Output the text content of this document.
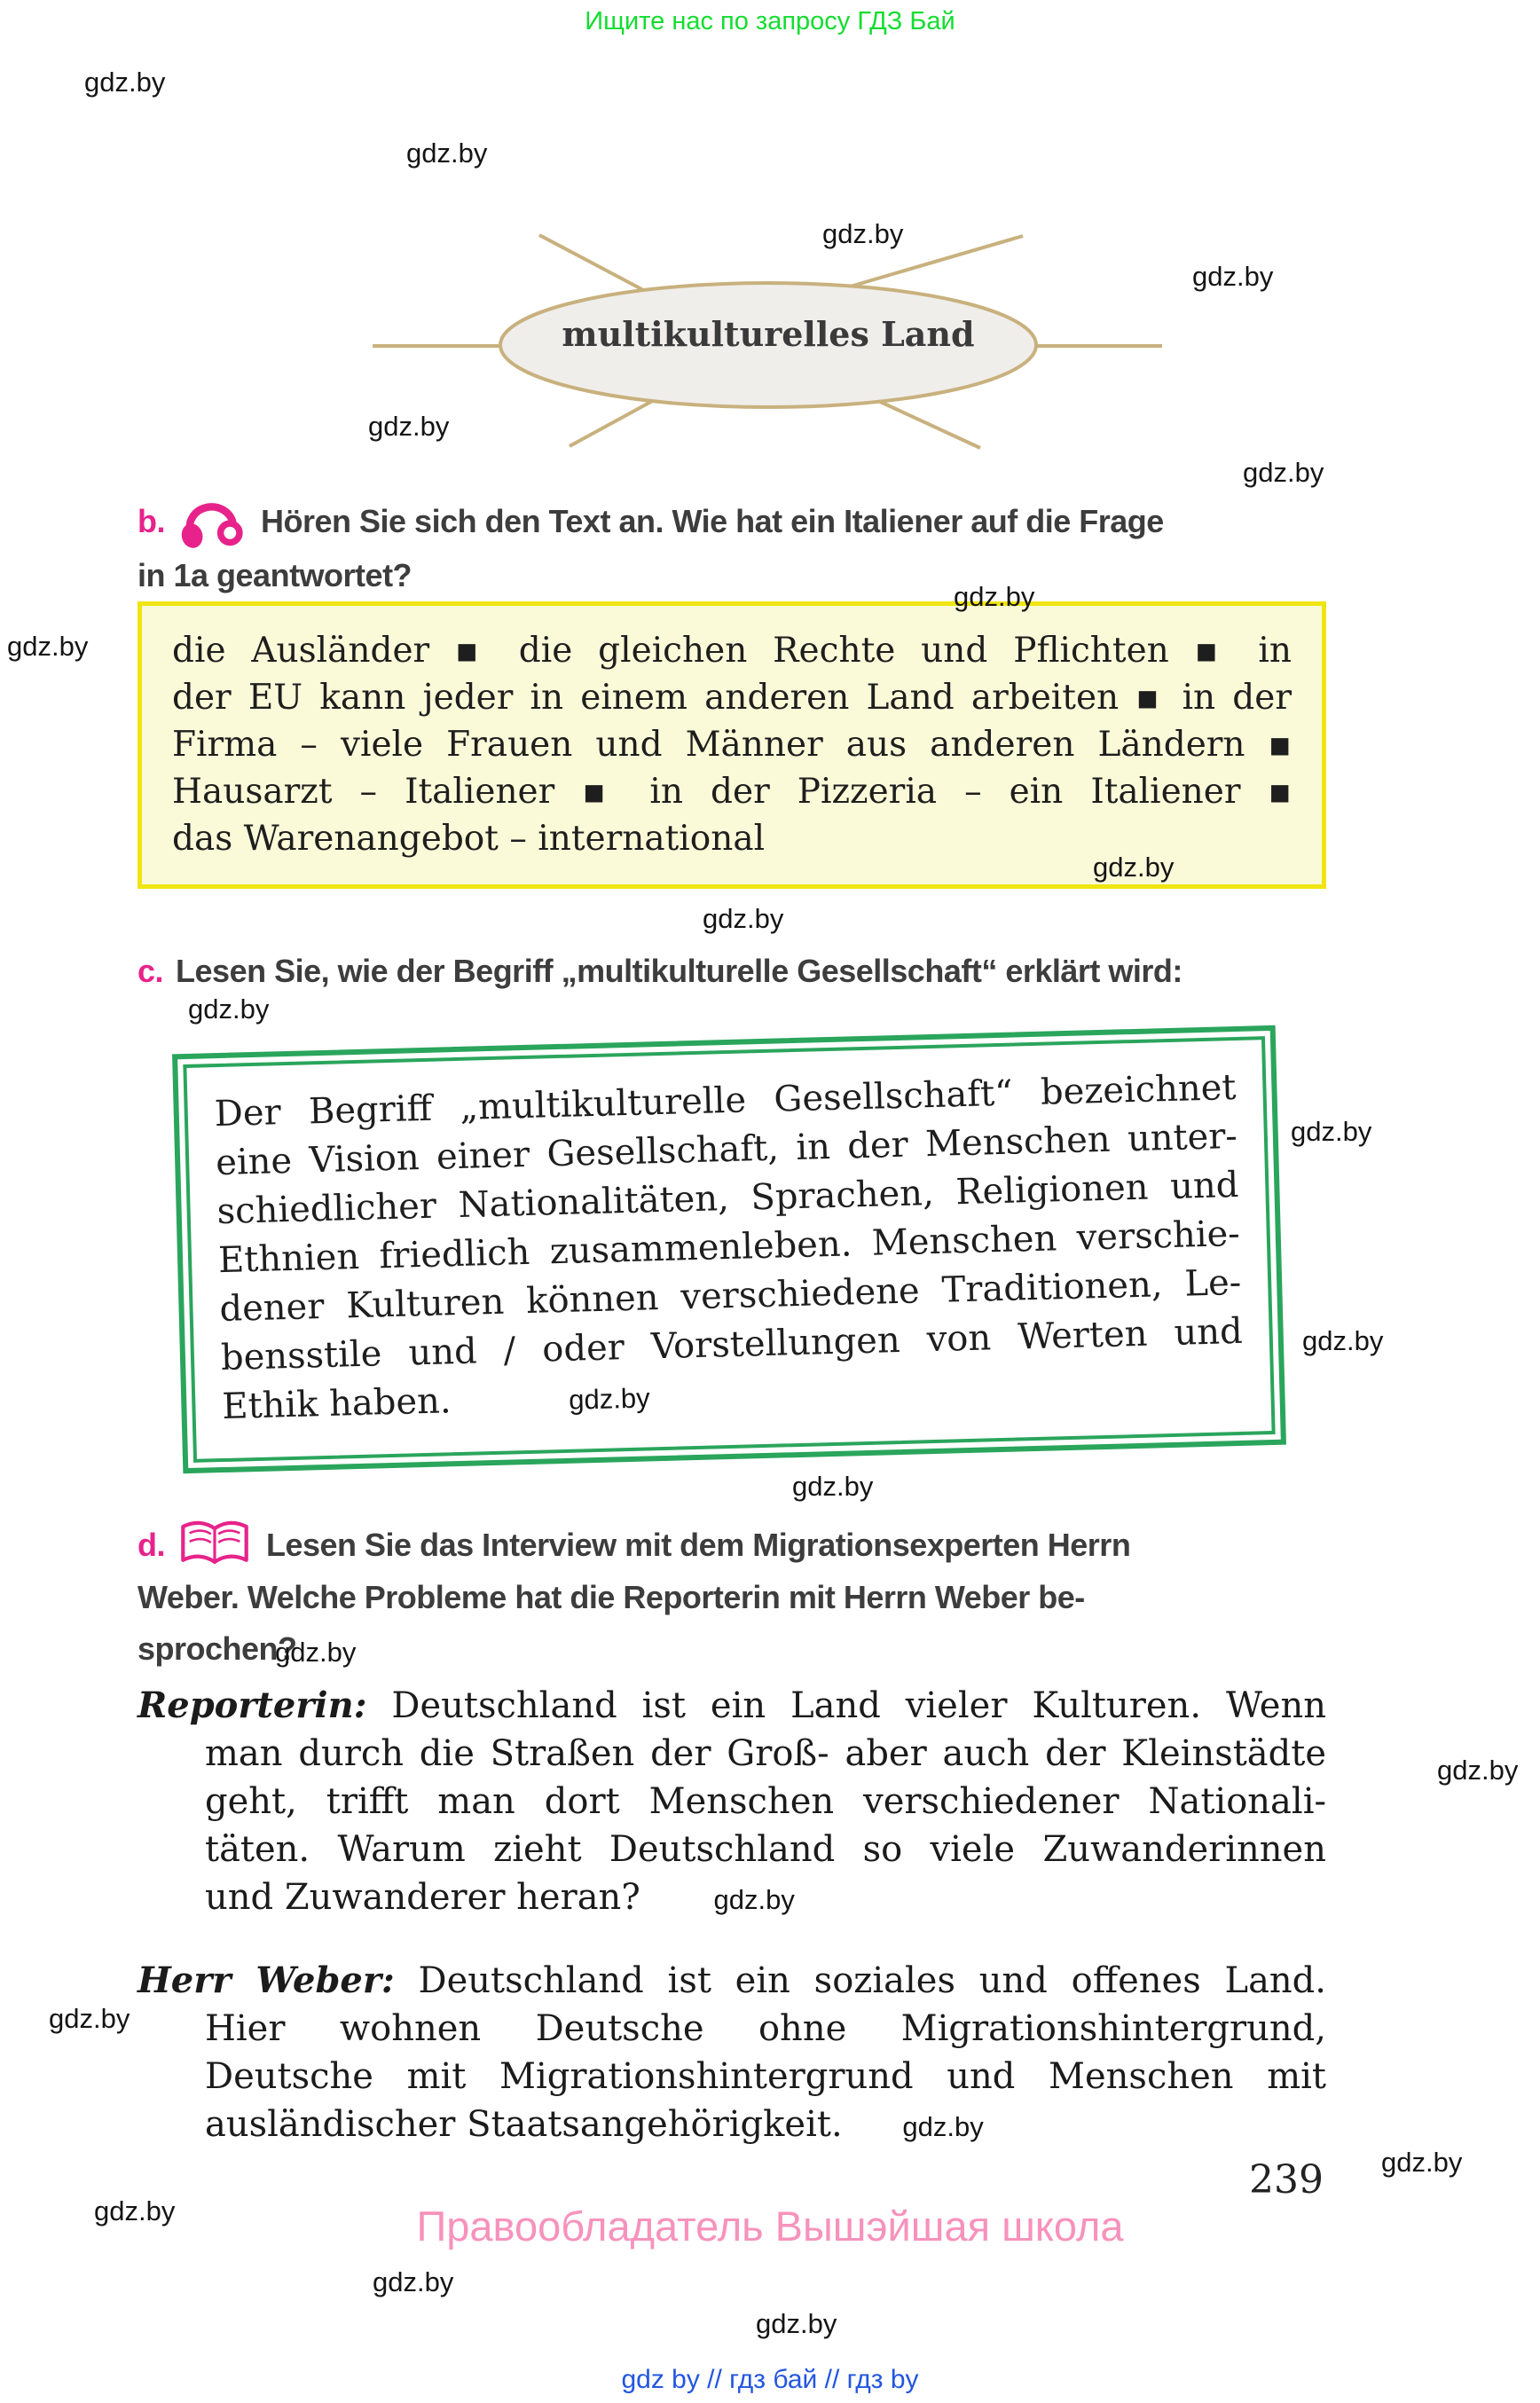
Ищите нас по запросу ГДЗ Бай
gdz.by
gdz.by
gdz.by
gdz.by
gdz.by
gdz.by
gdz.by
gdz.by
gdz.by
gdz.by
gdz.by
gdz.by
gdz.by
gdz.by
gdz.by
gdz.by
gdz.by
gdz.by
gdz.by
gdz.by
gdz.by
multikulturelles Land
b.	Hören Sie sich den Text an. Wie hat ein Italiener auf die Frage
in 1a geantwortet?
die Ausländer ▪ die gleichen Rechte und Pflichten ▪ in
der EU kann jeder in einem anderen Land arbeiten ▪ in der
Firma – viele Frauen und Männer aus anderen Ländern ▪
Hausarzt – Italiener ▪ in der Pizzeria – ein Italiener ▪
das Warenangebot – international
c. Lesen Sie, wie der Begriff „multikulturelle Gesellschaft“ erklärt wird:
Der Begriff „multikulturelle Gesellschaft“ bezeichnet
eine Vision einer Gesellschaft, in der Menschen unter-
schiedlicher Nationalitäten, Sprachen, Religionen und
Ethnien friedlich zusammenleben. Menschen verschie-
dener Kulturen können verschiedene Traditionen, Le-
bensstile und / oder Vorstellungen von Werten und
Ethik haben.	gdz.by
d.	Lesen Sie das Interview mit dem Migrationsexperten Herrn
Weber. Welche Probleme hat die Reporterin mit Herrn Weber be-
sprochen?
Reporterin: Deutschland ist ein Land vieler Kulturen. Wenn
man durch die Straßen der Groß- aber auch der Kleinstädte
geht, trifft man dort Menschen verschiedener Nationali-
täten. Warum zieht Deutschland so viele Zuwanderinnen
und Zuwanderer heran?	gdz.by
Herr Weber: Deutschland ist ein soziales und offenes Land.
Hier wohnen Deutsche ohne Migrationshintergrund,
Deutsche mit Migrationshintergrund und Menschen mit
ausländischer Staatsangehörigkeit. gdz.by
239
Правообладатель Вышэйшая школа
gdz by // гдз бай // гдз by
